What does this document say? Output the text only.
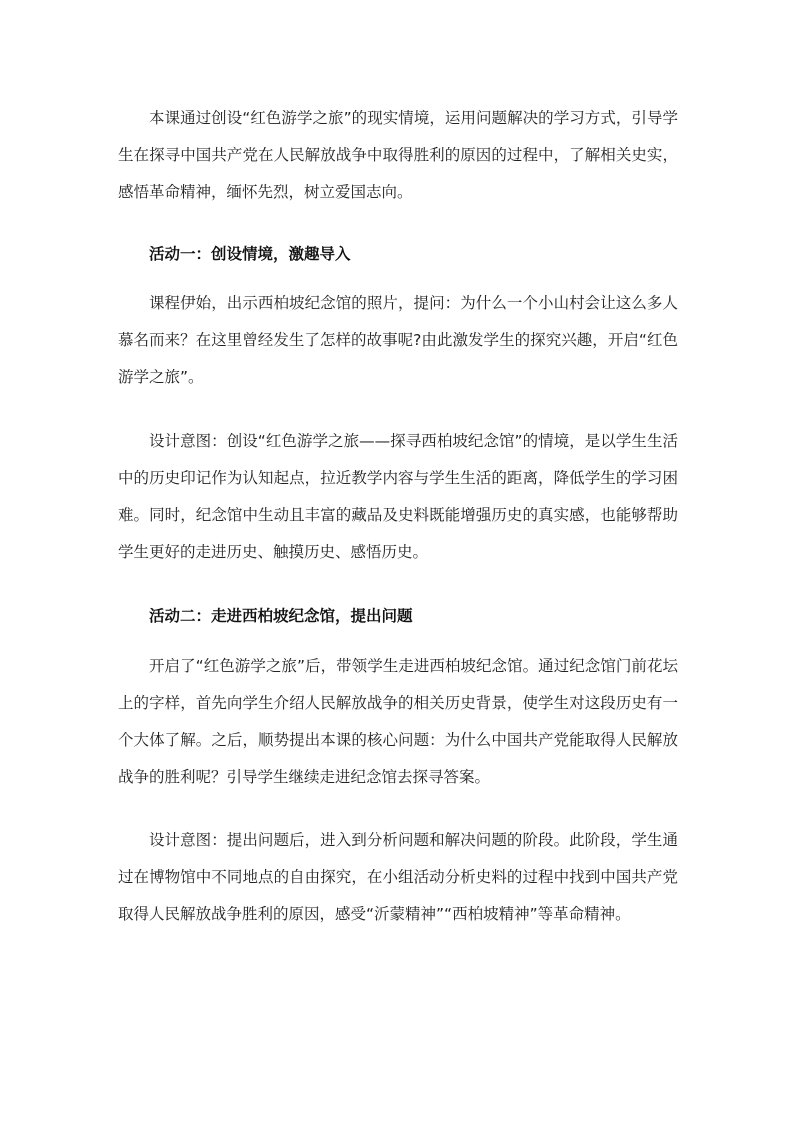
本课通过创设“红色游学之旅”的现实情境，运用问题解决的学习方式，引导学生在探寻中国共产党在人民解放战争中取得胜利的原因的过程中，了解相关史实，感悟革命精神，缅怀先烈，树立爱国志向。

活动一：创设情境，激趣导入

课程伊始，出示西柏坡纪念馆的照片，提问：为什么一个小山村会让这么多人慕名而来？在这里曾经发生了怎样的故事呢?由此激发学生的探究兴趣，开启“红色游学之旅”。

设计意图：创设“红色游学之旅——探寻西柏坡纪念馆”的情境，是以学生生活中的历史印记作为认知起点，拉近教学内容与学生生活的距离，降低学生的学习困难。同时，纪念馆中生动且丰富的藏品及史料既能增强历史的真实感，也能够帮助学生更好的走进历史、触摸历史、感悟历史。

活动二：走进西柏坡纪念馆，提出问题

开启了“红色游学之旅”后，带领学生走进西柏坡纪念馆。通过纪念馆门前花坛上的字样，首先向学生介绍人民解放战争的相关历史背景，使学生对这段历史有一个大体了解。之后，顺势提出本课的核心问题：为什么中国共产党能取得人民解放战争的胜利呢？引导学生继续走进纪念馆去探寻答案。

设计意图：提出问题后，进入到分析问题和解决问题的阶段。此阶段，学生通过在博物馆中不同地点的自由探究，在小组活动分析史料的过程中找到中国共产党取得人民解放战争胜利的原因，感受“沂蒙精神”“西柏坡精神”等革命精神。
